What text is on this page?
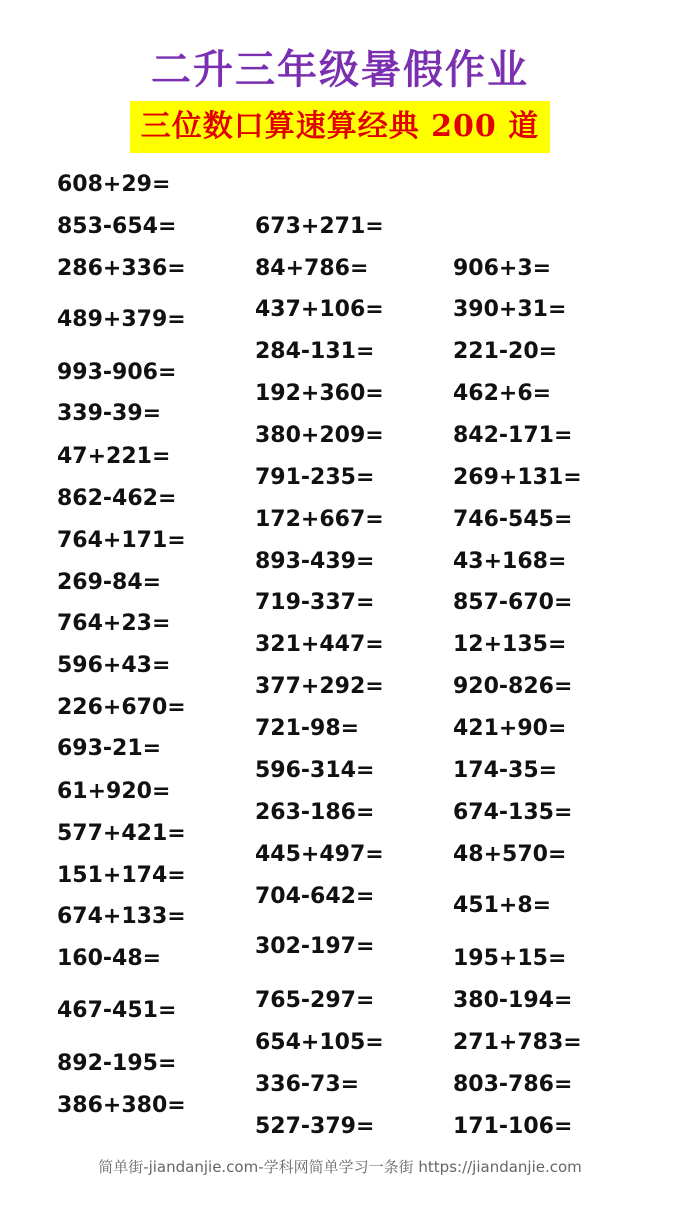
二升三年级暑假作业
三位数口算速算经典 200 道
608+29=
853-654=
286+336=
489+379=
993-906=
339-39=
47+221=
862-462=
764+171=
269-84=
764+23=
596+43=
226+670=
693-21=
61+920=
577+421=
151+174=
674+133=
160-48=
467-451=
892-195=
386+380=
673+271=
84+786=
437+106=
284-131=
192+360=
380+209=
791-235=
172+667=
893-439=
719-337=
321+447=
377+292=
721-98=
596-314=
263-186=
445+497=
704-642=
302-197=
765-297=
654+105=
336-73=
527-379=
906+3=
390+31=
221-20=
462+6=
842-171=
269+131=
746-545=
43+168=
857-670=
12+135=
920-826=
421+90=
174-35=
674-135=
48+570=
451+8=
195+15=
380-194=
271+783=
803-786=
171-106=
简单街-jiandanjie.com-学科网简单学习一条街 https://jiandanjie.com
